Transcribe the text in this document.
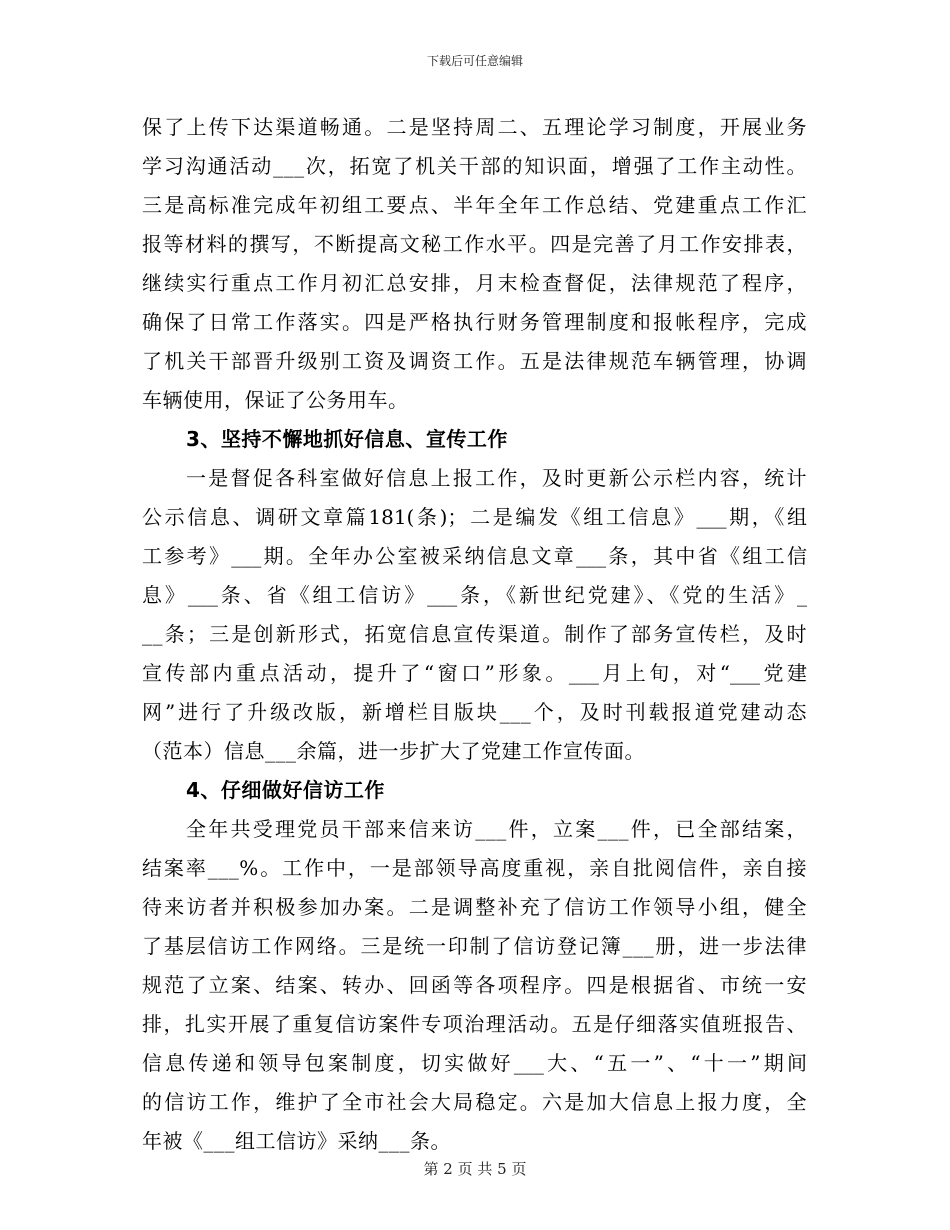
下载后可任意编辑
保了上传下达渠道畅通。二是坚持周二、五理论学习制度，开展业务
学习沟通活动___次，拓宽了机关干部的知识面，增强了工作主动性。
三是高标准完成年初组工要点、半年全年工作总结、党建重点工作汇
报等材料的撰写，不断提高文秘工作水平。四是完善了月工作安排表，
继续实行重点工作月初汇总安排，月末检查督促，法律规范了程序，
确保了日常工作落实。四是严格执行财务管理制度和报帐程序，完成
了机关干部晋升级别工资及调资工作。五是法律规范车辆管理，协调
车辆使用，保证了公务用车。
3、坚持不懈地抓好信息、宣传工作
一是督促各科室做好信息上报工作，及时更新公示栏内容，统计
公示信息、调研文章篇181(条)；二是编发《组工信息》___期，《组
工参考》___期。全年办公室被采纳信息文章___条，其中省《组工信
息》___条、省《组工信访》___条，《新世纪党建》、《党的生活》_
__条；三是创新形式，拓宽信息宣传渠道。制作了部务宣传栏，及时
宣传部内重点活动，提升了“窗口”形象。___月上旬，对“___党建
网”进行了升级改版，新增栏目版块___个，及时刊载报道党建动态
（范本）信息___余篇，进一步扩大了党建工作宣传面。
4、仔细做好信访工作
全年共受理党员干部来信来访___件，立案___件，已全部结案，
结案率___%。工作中，一是部领导高度重视，亲自批阅信件，亲自接
待来访者并积极参加办案。二是调整补充了信访工作领导小组，健全
了基层信访工作网络。三是统一印制了信访登记簿___册，进一步法律
规范了立案、结案、转办、回函等各项程序。四是根据省、市统一安
排，扎实开展了重复信访案件专项治理活动。五是仔细落实值班报告、
信息传递和领导包案制度，切实做好___大、“五一”、“十一”期间
的信访工作，维护了全市社会大局稳定。六是加大信息上报力度，全
年被《___组工信访》采纳___条。
第 2 页 共 5 页
